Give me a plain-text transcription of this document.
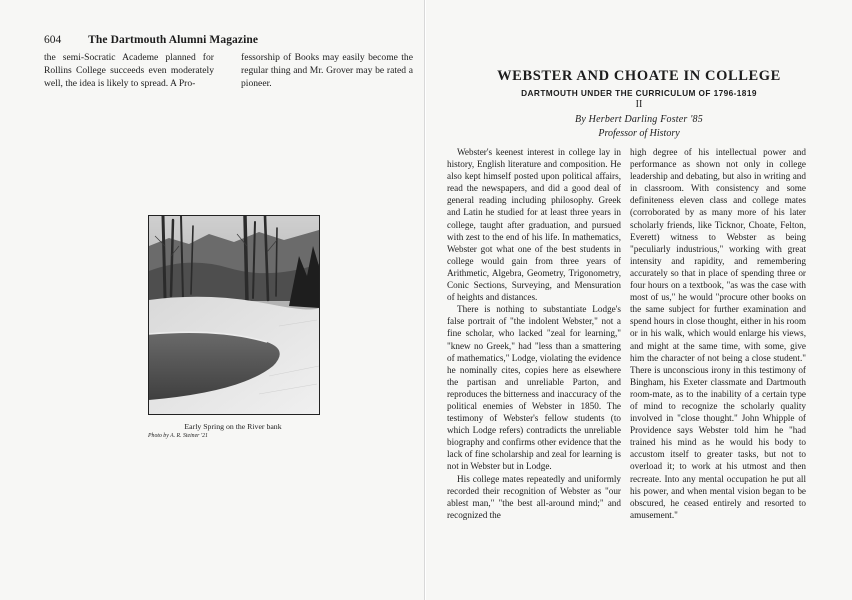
604 The Dartmouth Alumni Magazine

the semi-Socratic Academe planned for Rollins College succeeds even moderately well, the idea is likely to spread. A Pro-

fessorship of Books may easily become the regular thing and Mr. Grover may be rated a pioneer.

Early Spring on the River bank
Photo by A. R. Steiner '21
WEBSTER AND CHOATE IN COLLEGE
DARTMOUTH UNDER THE CURRICULUM OF 1796-1819
II
By Herbert Darling Foster '85
Professor of History

Webster's keenest interest in college lay in history, English literature and composition. He also kept himself posted upon political affairs, read the newspapers, and did a good deal of general reading including philosophy. Greek and Latin he studied for at least three years in college, taught after graduation, and pursued with zest to the end of his life. In mathematics, Webster got what one of the best students in college would gain from three years of Arithmetic, Algebra, Geometry, Trigonometry, Conic Sections, Surveying, and Mensuration of heights and distances.

There is nothing to substantiate Lodge's false portrait of "the indolent Webster," not a fine scholar, who lacked "zeal for learning," "knew no Greek," had "less than a smattering of mathematics," Lodge, violating the evidence he nominally cites, copies here as elsewhere the partisan and unreliable Parton, and reproduces the bitterness and inaccuracy of the political enemies of Webster in 1850. The testimony of Webster's fellow students (to which Lodge refers) contradicts the unreliable biography and confirms other evidence that the lack of fine scholarship and zeal for learning is not in Webster but in Lodge.

His college mates repeatedly and uniformly recorded their recognition of Webster as "our ablest man," "the best all-around mind;" and recognized the

high degree of his intellectual power and performance as shown not only in college leadership and debating, but also in writing and in classroom. With consistency and some definiteness eleven class and college mates (corroborated by as many more of his later scholarly friends, like Ticknor, Choate, Felton, Everett) witness to Webster as being "peculiarly industrious," working with great intensity and rapidity, and remembering accurately so that in place of spending three or four hours on a textbook, "as was the case with most of us," he would "procure other books on the same subject for further examination and spend hours in close thought, either in his room or in his walk, which would enlarge his views, and might at the same time, with some, give him the character of not being a close student." There is unconscious irony in this testimony of Bingham, his Exeter classmate and Dartmouth room-mate, as to the inability of a certain type of mind to recognize the scholarly quality involved in "close thought." John Whipple of Providence says Webster told him he "had trained his mind as he would his body to accustom itself to greater tasks, but not to overload it; to work at his utmost and then recreate. Into any mental occupation he put all his power, and when mental vision began to be obscured, he ceased entirely and resorted to amusement."
